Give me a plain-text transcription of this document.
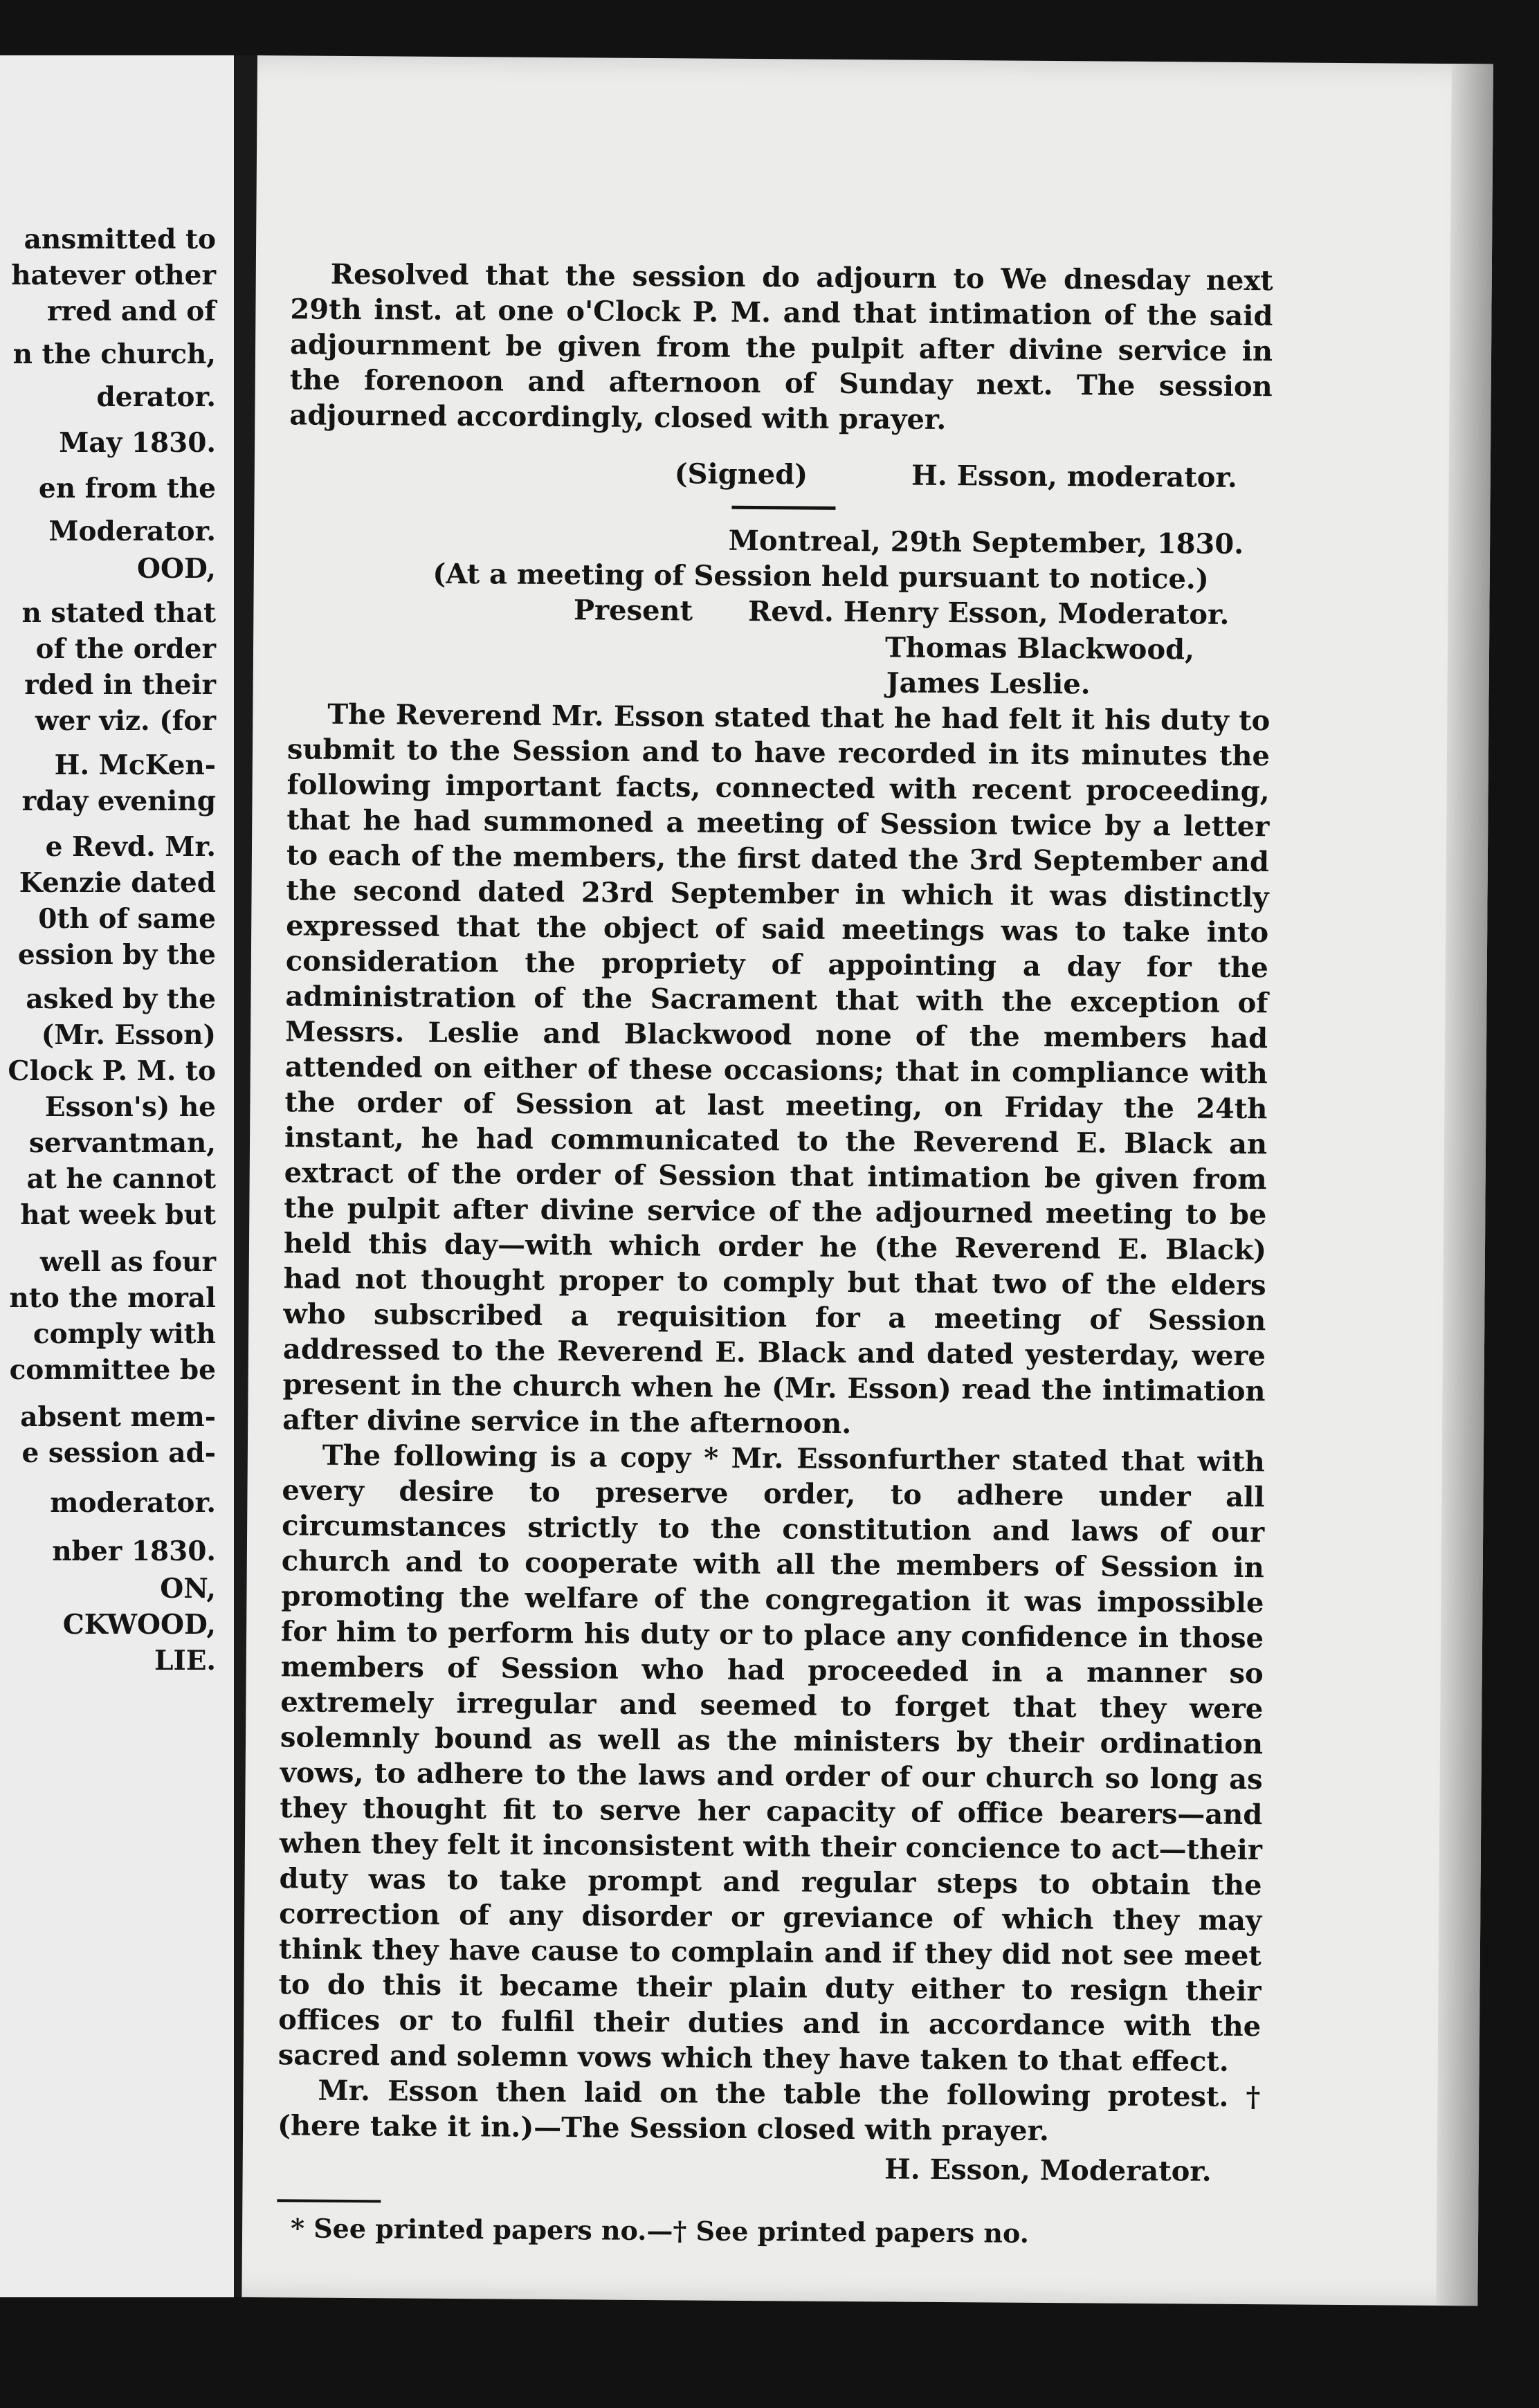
ansmitted to
hatever other
rred and of
n the church,
derator.
May 1830.
en from the
Moderator.
OOD,
n stated that
of the order
rded in their
wer viz. (for
H. McKen-
rday evening
e Revd. Mr.
Kenzie dated
0th of same
ession by the
asked by the
(Mr. Esson)
Clock P. M. to
Esson's) he
servantman,
at he cannot
hat week but
well as four
nto the moral
comply with
committee be
absent mem-
e session ad-
moderator.
nber 1830.
ON,
CKWOOD,
LIE.

Resolved that the session do adjourn to We dnesday next 29th inst. at one o'Clock P. M. and that intimation of the said adjournment be given from the pulpit after divine service in the forenoon and afternoon of Sunday next. The session adjourned accordingly, closed with prayer.

(Signed)	H. Esson, moderator.
Montreal, 29th September, 1830.
(At a meeting of Session held pursuant to notice.)
Present Revd. Henry Esson, Moderator.
Thomas Blackwood,
James Leslie.

The Reverend Mr. Esson stated that he had felt it his duty to submit to the Session and to have recorded in its minutes the following important facts, connected with recent proceeding, that he had summoned a meeting of Session twice by a letter to each of the members, the first dated the 3rd September and the second dated 23rd September in which it was distinctly expressed that the object of said meetings was to take into consideration the propriety of appointing a day for the administration of the Sacrament that with the exception of Messrs. Leslie and Blackwood none of the members had attended on either of these occasions; that in compliance with the order of Session at last meeting, on Friday the 24th instant, he had communicated to the Reverend E. Black an extract of the order of Session that intimation be given from the pulpit after divine service of the adjourned meeting to be held this day—with which order he (the Reverend E. Black) had not thought proper to comply but that two of the elders who subscribed a requisition for a meeting of Session addressed to the Reverend E. Black and dated yesterday, were present in the church when he (Mr. Esson) read the intimation after divine service in the afternoon.

The following is a copy * Mr. Essonfurther stated that with every desire to preserve order, to adhere under all circumstances strictly to the constitution and laws of our church and to cooperate with all the members of Session in promoting the welfare of the congregation it was impossible for him to perform his duty or to place any confidence in those members of Session who had proceeded in a manner so extremely irregular and seemed to forget that they were solemnly bound as well as the ministers by their ordination vows, to adhere to the laws and order of our church so long as they thought fit to serve her capacity of office bearers—and when they felt it inconsistent with their concience to act—their duty was to take prompt and regular steps to obtain the correction of any disorder or greviance of which they may think they have cause to complain and if they did not see meet to do this it became their plain duty either to resign their offices or to fulfil their duties and in accordance with the sacred and solemn vows which they have taken to that effect.

Mr. Esson then laid on the table the following protest. † (here take it in.)—The Session closed with prayer.

H. Esson, Moderator.
* See printed papers no.—† See printed papers no.
